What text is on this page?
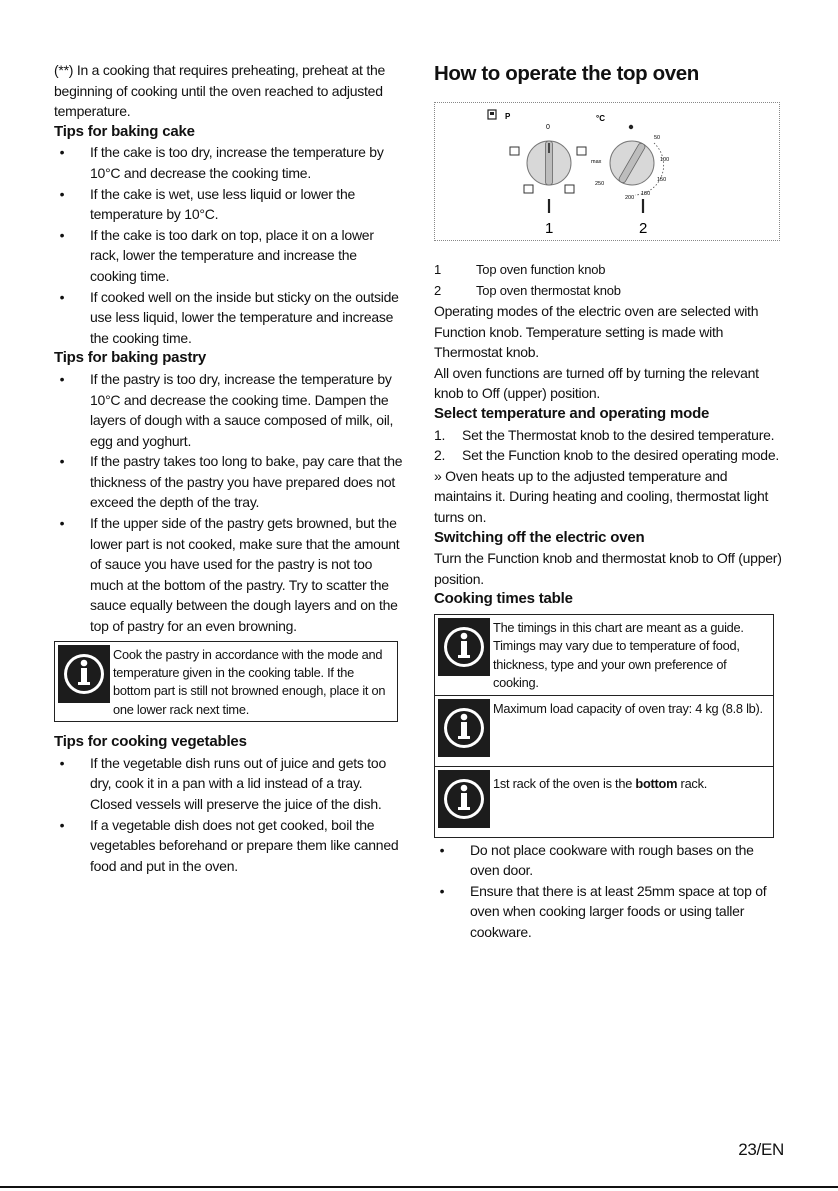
(**) In a cooking that requires preheating, preheat at the beginning of cooking until the oven reached to adjusted temperature.

Tips for baking cake
• If the cake is too dry, increase the temperature by 10°C and decrease the cooking time.
• If the cake is wet, use less liquid or lower the temperature by 10°C.
• If the cake is too dark on top, place it on a lower rack, lower the temperature and increase the cooking time.
• If cooked well on the inside but sticky on the outside use less liquid, lower the temperature and increase the cooking time.
Tips for baking pastry
• If the pastry is too dry, increase the temperature by 10°C and decrease the cooking time. Dampen the layers of dough with a sauce composed of milk, oil, egg and yoghurt.
• If the pastry takes too long to bake, pay care that the thickness of the pastry you have prepared does not exceed the depth of the tray.
• If the upper side of the pastry gets browned, but the lower part is not cooked, make sure that the amount of sauce you have used for the pastry is not too much at the bottom of the pastry. Try to scatter the sauce equally between the dough layers and on the top of pastry for an even browning.
Cook the pastry in accordance with the mode and temperature given in the cooking table. If the bottom part is still not browned enough, place it on one lower rack next time.
Tips for cooking vegetables
• If the vegetable dish runs out of juice and gets too dry, cook it in a pan with a lid instead of a tray. Closed vessels will preserve the juice of the dish.
• If a vegetable dish does not get cooked, boil the vegetables beforehand or prepare them like canned food and put in the oven.
How to operate the top oven
P
0
1
°C
50
100
150
180
200
250
max
2
1	Top oven function knob
2	Top oven thermostat knob

Operating modes of the electric oven are selected with Function knob. Temperature setting is made with Thermostat knob.

All oven functions are turned off by turning the relevant knob to Off (upper) position.

Select temperature and operating mode
1. Set the Thermostat knob to the desired temperature.
2. Set the Function knob to the desired operating mode.

» Oven heats up to the adjusted temperature and maintains it. During heating and cooling, thermostat light turns on.

Switching off the electric oven

Turn the Function knob and thermostat knob to Off (upper) position.

Cooking times table
The timings in this chart are meant as a guide. Timings may vary due to temperature of food, thickness, type and your own preference of cooking.
Maximum load capacity of oven tray: 4 kg (8.8 lb).
1st rack of the oven is the bottom rack.
• Do not place cookware with rough bases on the oven door.
• Ensure that there is at least 25mm space at top of oven when cooking larger foods or using taller cookware.
23/EN
